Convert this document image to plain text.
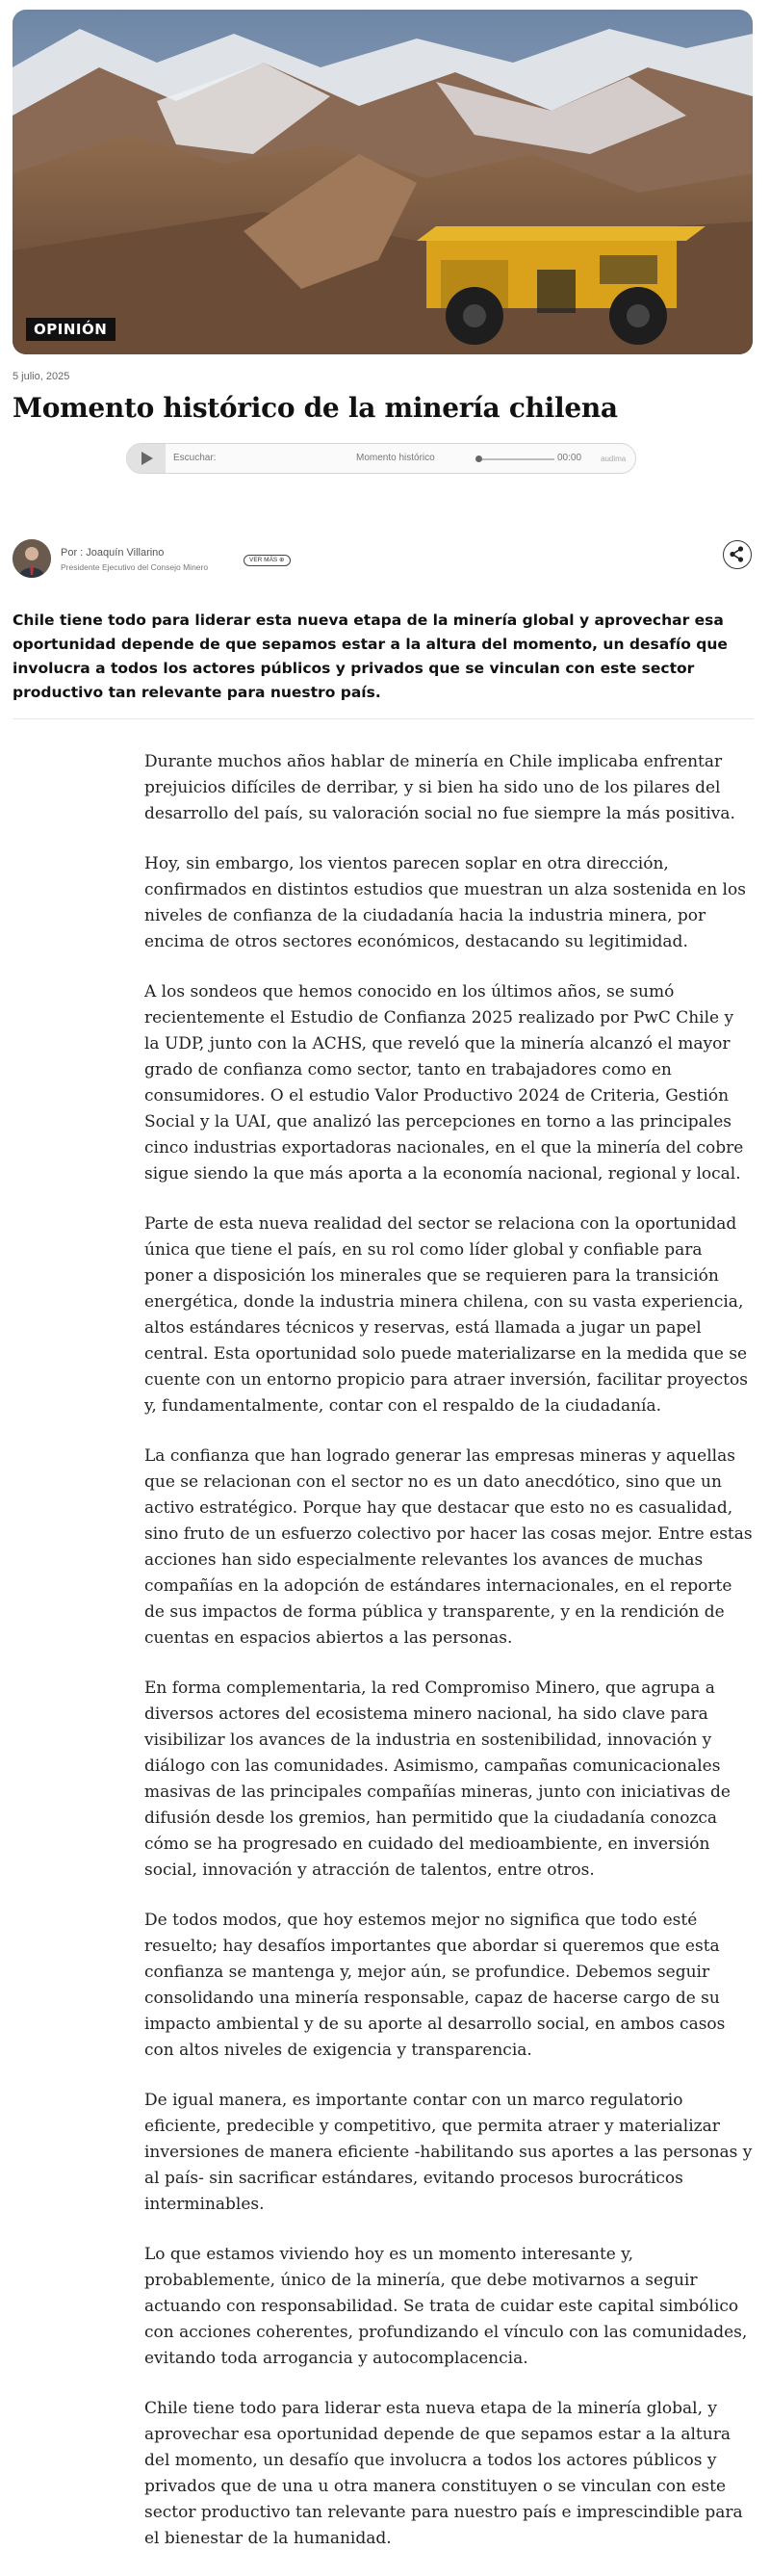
OPINIÓN
5 julio, 2025
Momento histórico de la minería chilena
Escuchar:	Momento histórico	00:00 audima
Por : Joaquín Villarino
Presidente Ejecutivo del Consejo Minero
VER MÁS ⊕

Chile tiene todo para liderar esta nueva etapa de la minería global y aprovechar esa oportunidad depende de que sepamos estar a la altura del momento, un desafío que involucra a todos los actores públicos y privados que se vinculan con este sector productivo tan relevante para nuestro país.

Durante muchos años hablar de minería en Chile implicaba enfrentar prejuicios difíciles de derribar, y si bien ha sido uno de los pilares del desarrollo del país, su valoración social no fue siempre la más positiva.

Hoy, sin embargo, los vientos parecen soplar en otra dirección, confirmados en distintos estudios que muestran un alza sostenida en los niveles de confianza de la ciudadanía hacia la industria minera, por encima de otros sectores económicos, destacando su legitimidad.

A los sondeos que hemos conocido en los últimos años, se sumó recientemente el Estudio de Confianza 2025 realizado por PwC Chile y la UDP, junto con la ACHS, que reveló que la minería alcanzó el mayor grado de confianza como sector, tanto en trabajadores como en consumidores. O el estudio Valor Productivo 2024 de Criteria, Gestión Social y la UAI, que analizó las percepciones en torno a las principales cinco industrias exportadoras nacionales, en el que la minería del cobre sigue siendo la que más aporta a la economía nacional, regional y local.

Parte de esta nueva realidad del sector se relaciona con la oportunidad única que tiene el país, en su rol como líder global y confiable para poner a disposición los minerales que se requieren para la transición energética, donde la industria minera chilena, con su vasta experiencia, altos estándares técnicos y reservas, está llamada a jugar un papel central. Esta oportunidad solo puede materializarse en la medida que se cuente con un entorno propicio para atraer inversión, facilitar proyectos y, fundamentalmente, contar con el respaldo de la ciudadanía.

La confianza que han logrado generar las empresas mineras y aquellas que se relacionan con el sector no es un dato anecdótico, sino que un activo estratégico. Porque hay que destacar que esto no es casualidad, sino fruto de un esfuerzo colectivo por hacer las cosas mejor. Entre estas acciones han sido especialmente relevantes los avances de muchas compañías en la adopción de estándares internacionales, en el reporte de sus impactos de forma pública y transparente, y en la rendición de cuentas en espacios abiertos a las personas.

En forma complementaria, la red Compromiso Minero, que agrupa a diversos actores del ecosistema minero nacional, ha sido clave para visibilizar los avances de la industria en sostenibilidad, innovación y diálogo con las comunidades. Asimismo, campañas comunicacionales masivas de las principales compañías mineras, junto con iniciativas de difusión desde los gremios, han permitido que la ciudadanía conozca cómo se ha progresado en cuidado del medioambiente, en inversión social, innovación y atracción de talentos, entre otros.

De todos modos, que hoy estemos mejor no significa que todo esté resuelto; hay desafíos importantes que abordar si queremos que esta confianza se mantenga y, mejor aún, se profundice. Debemos seguir consolidando una minería responsable, capaz de hacerse cargo de su impacto ambiental y de su aporte al desarrollo social, en ambos casos con altos niveles de exigencia y transparencia.

De igual manera, es importante contar con un marco regulatorio eficiente, predecible y competitivo, que permita atraer y materializar inversiones de manera eficiente -habilitando sus aportes a las personas y al país- sin sacrificar estándares, evitando procesos burocráticos interminables.

Lo que estamos viviendo hoy es un momento interesante y, probablemente, único de la minería, que debe motivarnos a seguir actuando con responsabilidad. Se trata de cuidar este capital simbólico con acciones coherentes, profundizando el vínculo con las comunidades, evitando toda arrogancia y autocomplacencia.

Chile tiene todo para liderar esta nueva etapa de la minería global, y aprovechar esa oportunidad depende de que sepamos estar a la altura del momento, un desafío que involucra a todos los actores públicos y privados que de una u otra manera constituyen o se vinculan con este sector productivo tan relevante para nuestro país e imprescindible para el bienestar de la humanidad.
